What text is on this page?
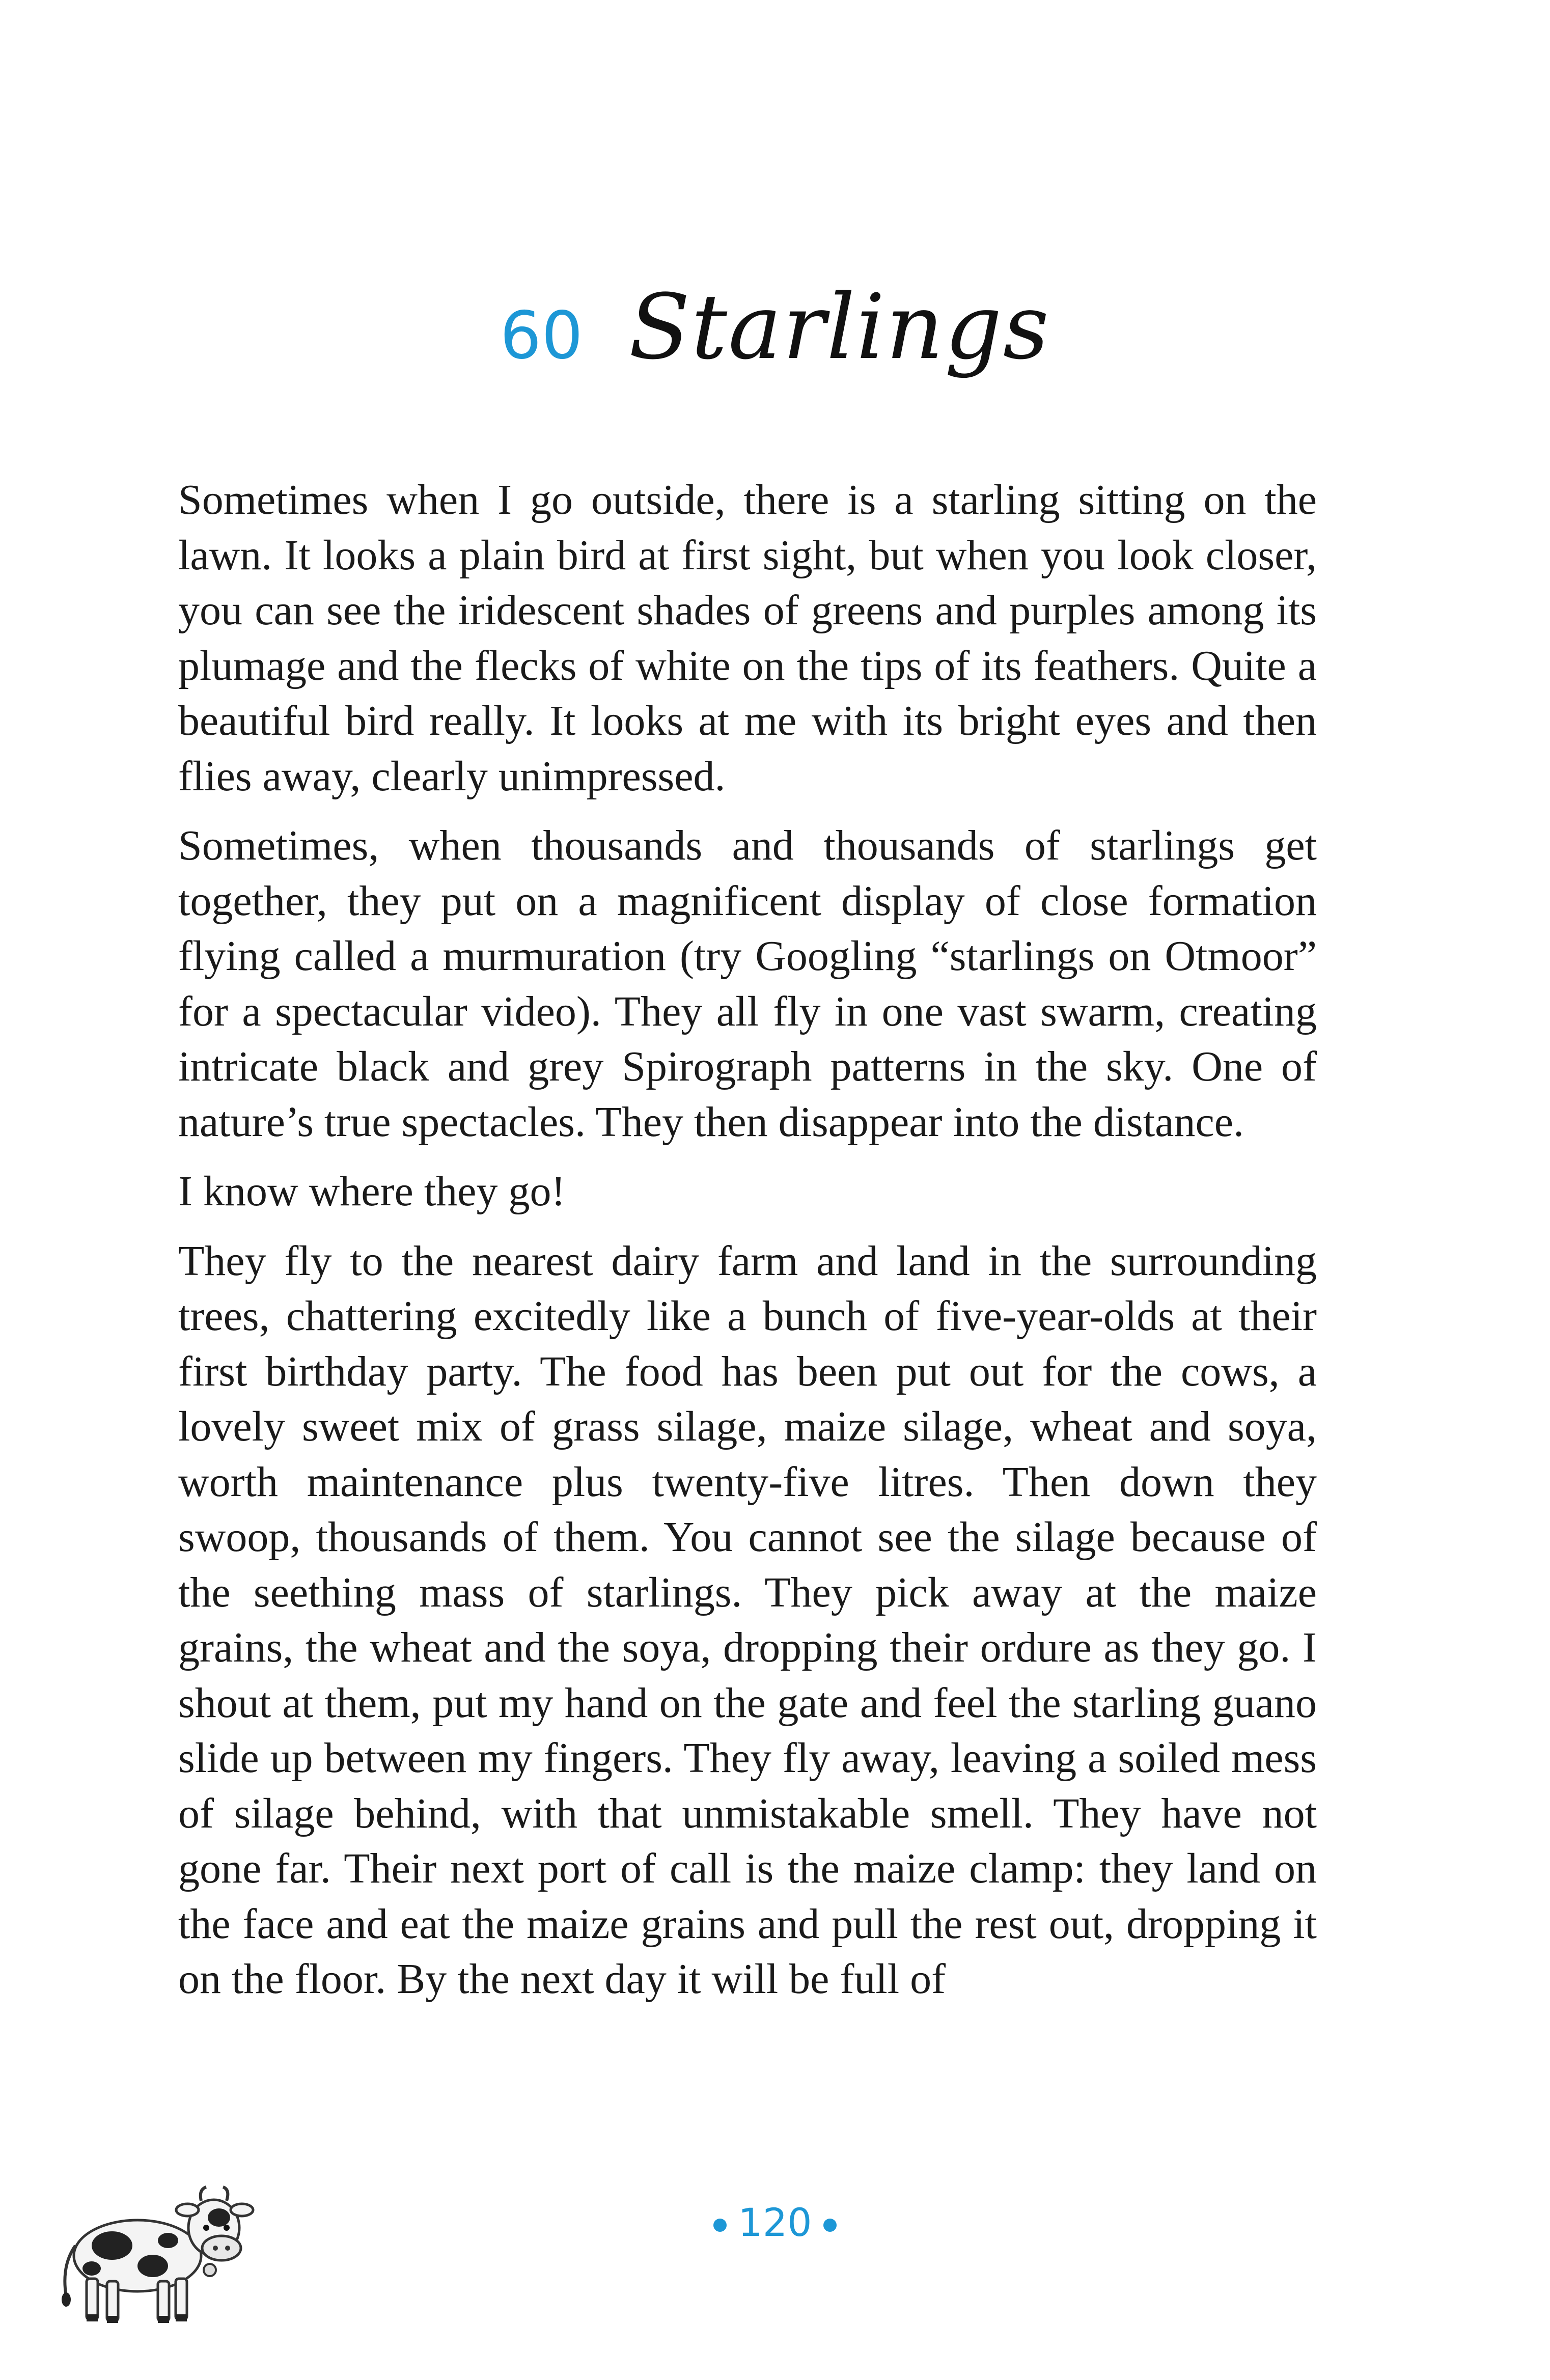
60 Starlings

Sometimes when I go outside, there is a starling sitting on the lawn. It looks a plain bird at first sight, but when you look closer, you can see the iridescent shades of greens and purples among its plumage and the flecks of white on the tips of its feathers. Quite a beautiful bird really. It looks at me with its bright eyes and then flies away, clearly unimpressed.

Sometimes, when thousands and thousands of starlings get together, they put on a magnificent display of close formation flying called a murmuration (try Googling “starlings on Otmoor” for a spectacular video). They all fly in one vast swarm, creating intricate black and grey Spirograph patterns in the sky. One of nature’s true spectacles. They then disappear into the distance.

I know where they go!

They fly to the nearest dairy farm and land in the surrounding trees, chattering excitedly like a bunch of five-year-olds at their first birthday party. The food has been put out for the cows, a lovely sweet mix of grass silage, maize silage, wheat and soya, worth maintenance plus twenty-five litres. Then down they swoop, thousands of them. You cannot see the silage because of the seething mass of starlings. They pick away at the maize grains, the wheat and the soya, dropping their ordure as they go. I shout at them, put my hand on the gate and feel the starling guano slide up between my fingers. They fly away, leaving a soiled mess of silage behind, with that unmistakable smell. They have not gone far. Their next port of call is the maize clamp: they land on the face and eat the maize grains and pull the rest out, dropping it on the floor. By the next day it will be full of

120
